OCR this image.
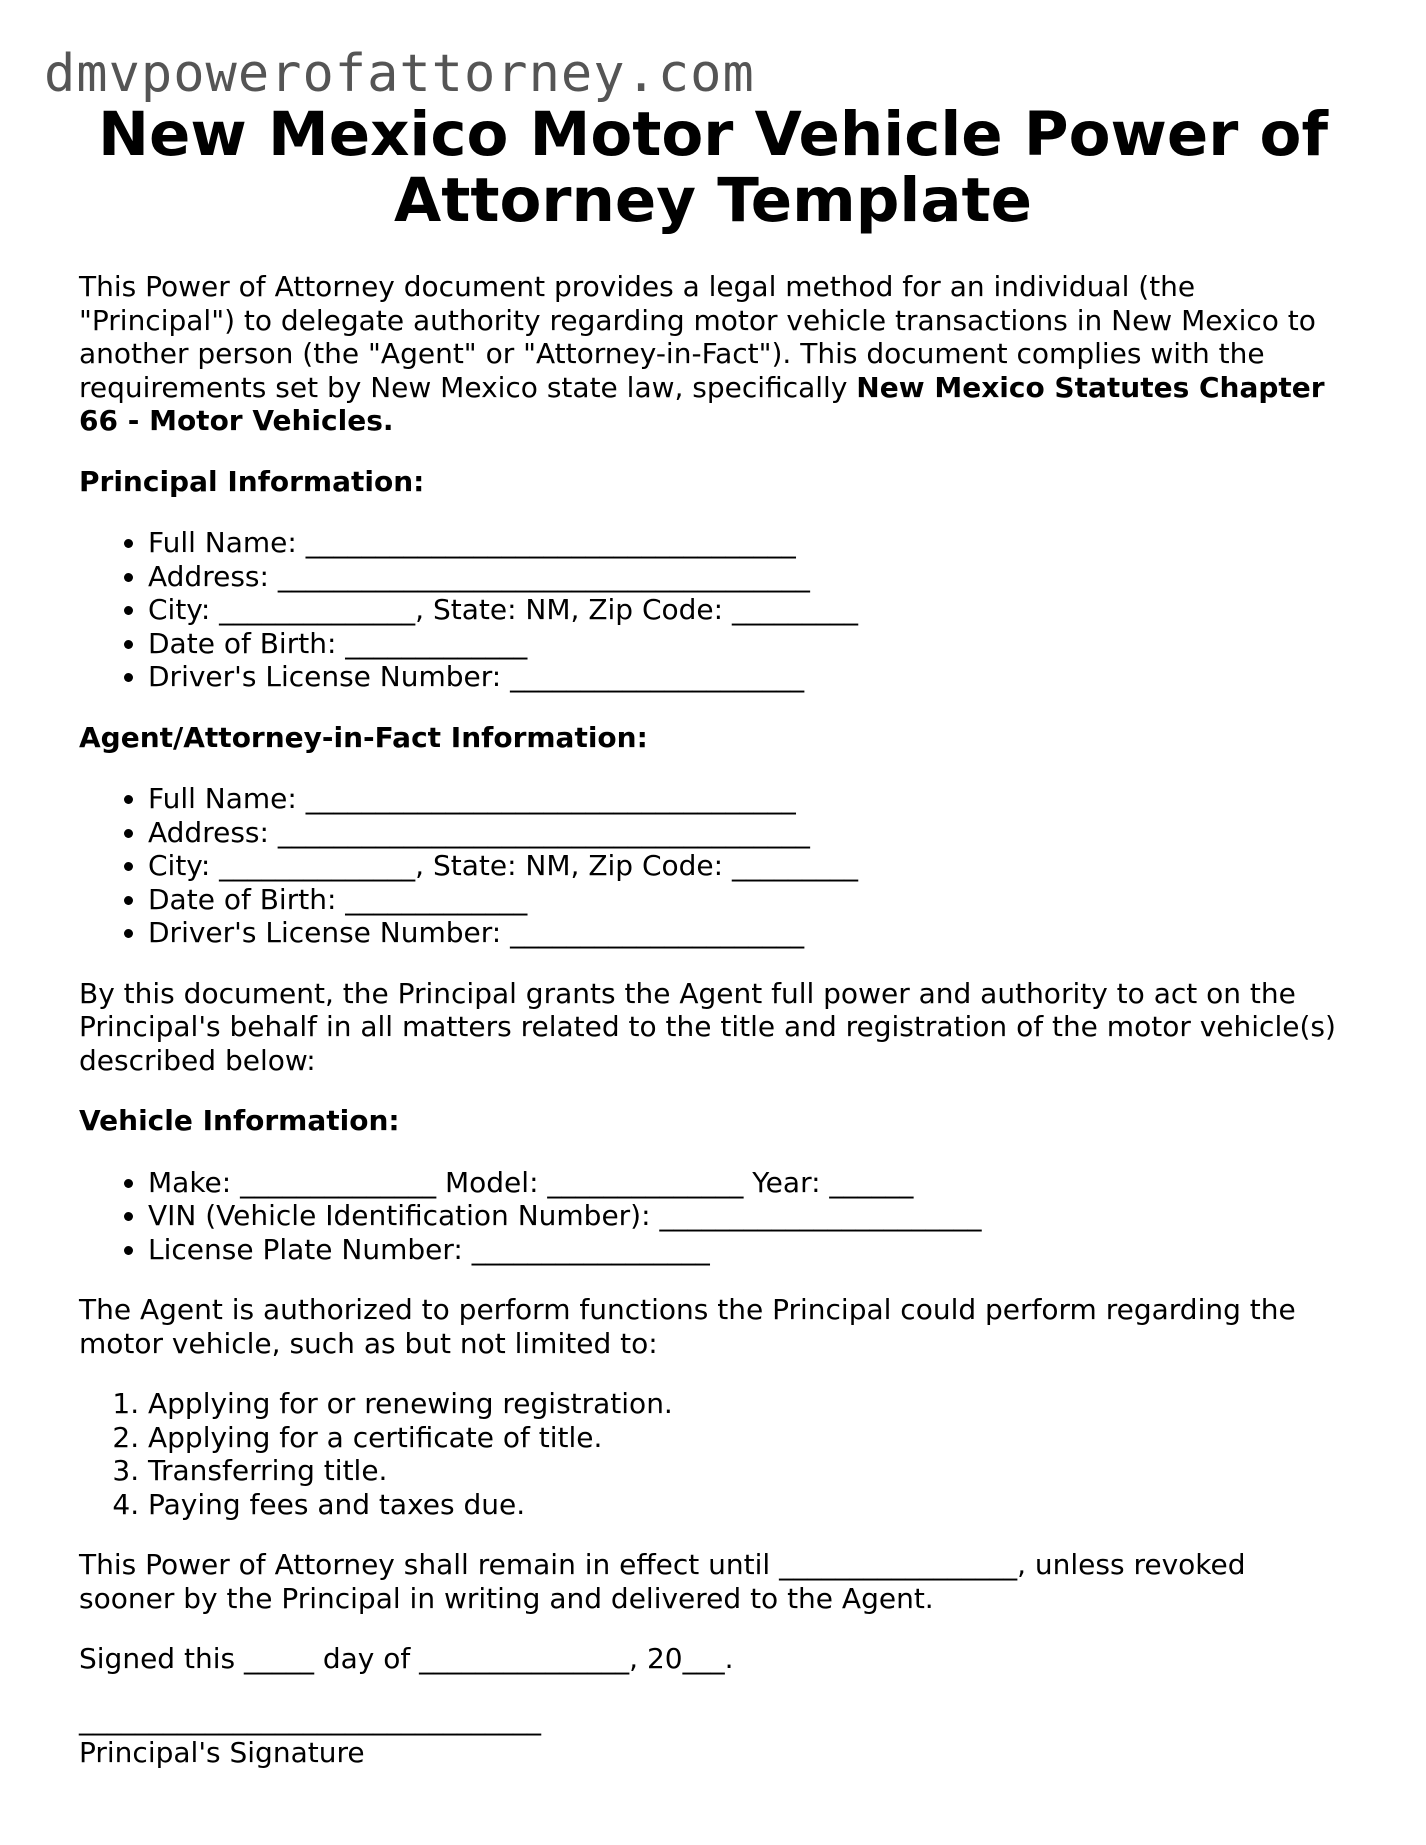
dmvpowerofattorney.com
New Mexico Motor Vehicle Power of Attorney Template

This Power of Attorney document provides a legal method for an individual (the "Principal") to delegate authority regarding motor vehicle transactions in New Mexico to another person (the "Agent" or "Attorney-in-Fact"). This document complies with the requirements set by New Mexico state law, specifically New Mexico Statutes Chapter 66 - Motor Vehicles.

Principal Information:
• Full Name: ___________________________________
• Address: ______________________________________
• City: ______________, State: NM, Zip Code: _________
• Date of Birth: _____________
• Driver's License Number: _____________________
Agent/Attorney-in-Fact Information:
• Full Name: ___________________________________
• Address: ______________________________________
• City: ______________, State: NM, Zip Code: _________
• Date of Birth: _____________
• Driver's License Number: _____________________

By this document, the Principal grants the Agent full power and authority to act on the Principal's behalf in all matters related to the title and registration of the motor vehicle(s) described below:

Vehicle Information:
• Make: ______________ Model: ______________ Year: ______
• VIN (Vehicle Identification Number): _______________________
• License Plate Number: _________________

The Agent is authorized to perform functions the Principal could perform regarding the motor vehicle, such as but not limited to:

1. Applying for or renewing registration.
2. Applying for a certificate of title.
3. Transferring title.
4. Paying fees and taxes due.

This Power of Attorney shall remain in effect until _________________, unless revoked sooner by the Principal in writing and delivered to the Agent.

Signed this _____ day of _______________, 20___.

_________________________________
Principal's Signature
